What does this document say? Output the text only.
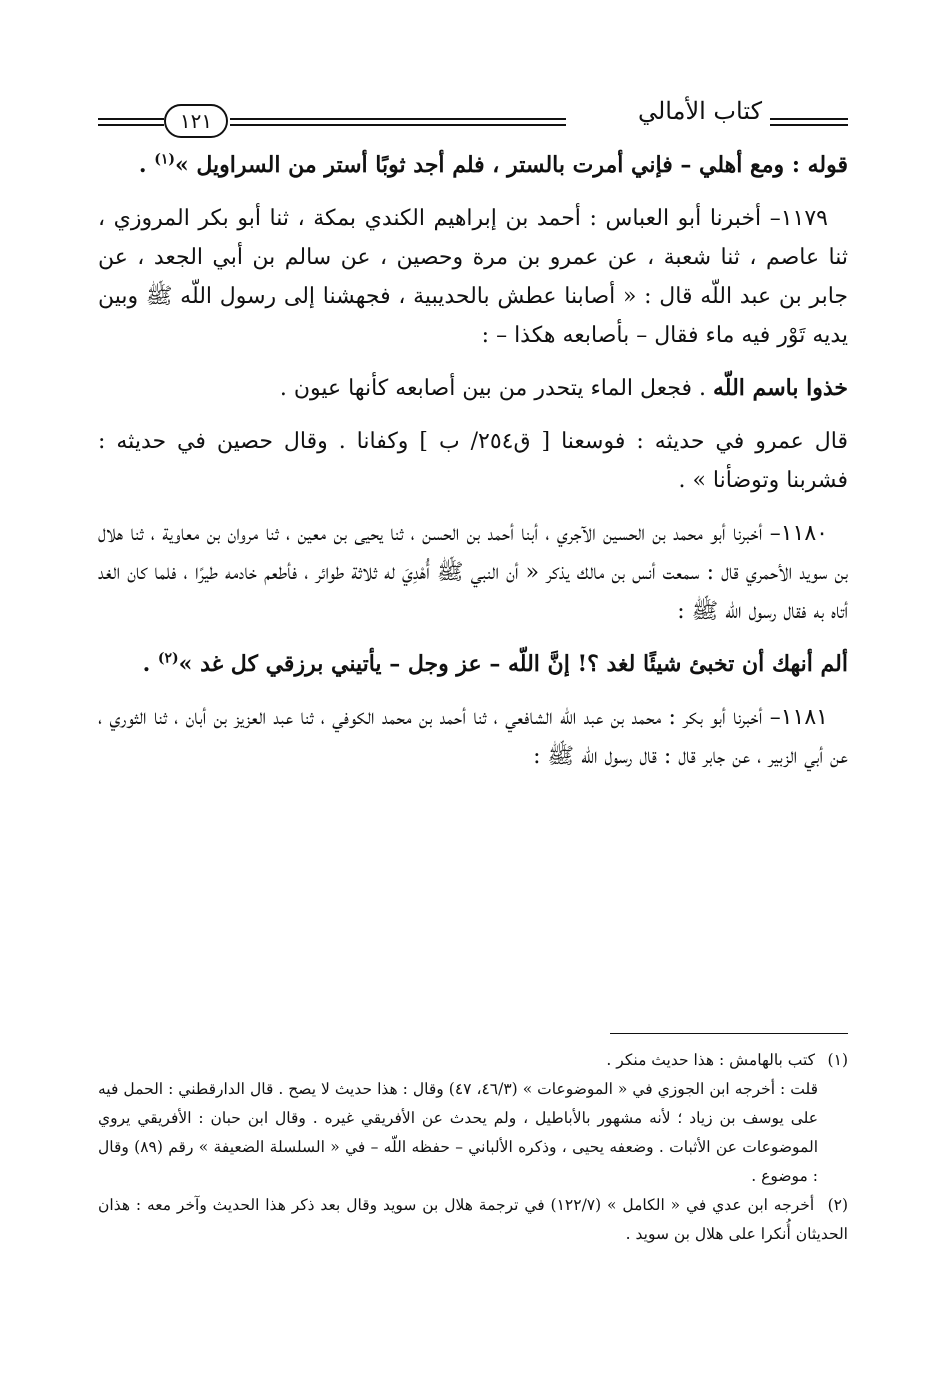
كتاب الأمالي
١٢١

قوله : ومع أهلي – فإني أمرت بالستر ، فلم أجد ثوبًا أستر من السراويل »$^{(١)}$ .

١١٧٩– أخبرنا أبو العباس : أحمد بن إبراهيم الكندي بمكة ، ثنا أبو بكر المروزي ، ثنا عاصم ، ثنا شعبة ، عن عمرو بن مرة وحصين ، عن سالم بن أبي الجعد ، عن جابر بن عبد اللّه قال : « أصابنا عطش بالحديبية ، فجهشنا إلى رسول اللّه ﷺ وبين يديه تَوْر فيه ماء فقال – بأصابعه هكذا – :

خذوا باسم اللّه . فجعل الماء يتحدر من بين أصابعه كأنها عيون .

قال عمرو في حديثه : فوسعنا [ ق٢٥٤/ ب ] وكفانا . وقال حصين في حديثه : فشربنا وتوضأنا » .

١١٨٠– أخبرنا أبو محمد بن الحسين الآجري ، أبنا أحمد بن الحسن ، ثنا يحيى بن معين ، ثنا مروان بن معاوية ، ثنا هلال بن سويد الأحمري قال : سمعت أنس بن مالك يذكر « أن النبي ﷺ أُهْدِيَ له ثلاثة طوائر ، فأطعم خادمه طيرًا ، فلما كان الغد أتاه به فقال رسول اللّه ﷺ :

ألم أنهك أن تخبئ شيئًا لغد ؟! إنَّ اللّه – عز وجل – يأتيني برزقي كل غد »$^{(٢)}$ .

١١٨١– أخبرنا أبو بكر : محمد بن عبد اللّه الشافعي ، ثنا أحمد بن محمد الكوفي ، ثنا عبد العزيز بن أبان ، ثنا الثوري ، عن أبي الزبير ، عن جابر قال : قال رسول اللّه ﷺ :

(١) كتب بالهامش : هذا حديث منكر .

قلت : أخرجه ابن الجوزي في « الموضوعات » (٤٦/٣، ٤٧) وقال : هذا حديث لا يصح . قال الدارقطني : الحمل فيه على يوسف بن زياد ؛ لأنه مشهور بالأباطيل ، ولم يحدث عن الأفريقي غيره . وقال ابن حبان : الأفريقي يروي الموضوعات عن الأثبات . وضعفه يحيى ، وذكره الألباني – حفظه اللّه – في « السلسلة الضعيفة » رقم (٨٩) وقال : موضوع .

(٢) أخرجه ابن عدي في « الكامل » (١٢٢/٧) في ترجمة هلال بن سويد وقال بعد ذكر هذا الحديث وآخر معه : هذان الحديثان أُنكرا على هلال بن سويد .
